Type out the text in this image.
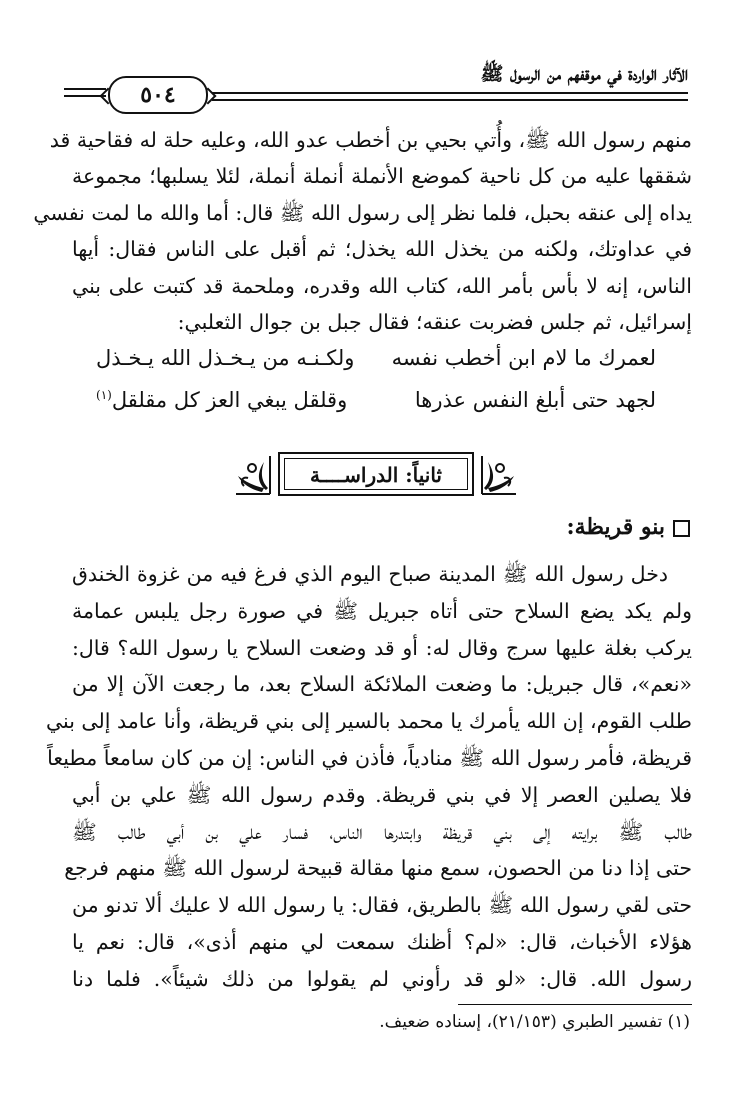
٥٠٤
الآثار الواردة في موقفهم من الرسول ﷺ
منهم رسول الله ﷺ، وأُتي بحيي بن أخطب عدو الله، وعليه حلة له فقاحية قد
شققها عليه من كل ناحية كموضع الأنملة أنملة أنملة، لئلا يسلبها؛ مجموعة
يداه إلى عنقه بحبل، فلما نظر إلى رسول الله ﷺ قال: أما والله ما لمت نفسي
في عداوتك، ولكنه من يخذل الله يخذل؛ ثم أقبل على الناس فقال: أيها
الناس، إنه لا بأس بأمر الله، كتاب الله وقدره، وملحمة قد كتبت على بني
إسرائيل، ثم جلس فضربت عنقه؛ فقال جبل بن جوال الثعلبي:
لعمرك ما لام ابن أخطب نفسه
ولكـنـه من يـخـذل الله يـخـذل
لجهد حتى أبلغ النفس عذرها
وقلقل يبغي العز كل مقلقل$^{(١)}$
ثانياً: الدراســــة
بنو قريظة:
دخل رسول الله ﷺ المدينة صباح اليوم الذي فرغ فيه من غزوة الخندق
ولم يكد يضع السلاح حتى أتاه جبريل ﷺ في صورة رجل يلبس عمامة
يركب بغلة عليها سرج وقال له: أو قد وضعت السلاح يا رسول الله؟ قال:
«نعم»، قال جبريل: ما وضعت الملائكة السلاح بعد، ما رجعت الآن إلا من
طلب القوم، إن الله يأمرك يا محمد بالسير إلى بني قريظة، وأنا عامد إلى بني
قريظة، فأمر رسول الله ﷺ منادياً، فأذن في الناس: إن من كان سامعاً مطيعاً
فلا يصلين العصر إلا في بني قريظة. وقدم رسول الله ﷺ علي بن أبي
طالب ﷺ برايته إلى بني قريظة وابتدرها الناس، فسار علي بن أبي طالب ﷺ
حتى إذا دنا من الحصون، سمع منها مقالة قبيحة لرسول الله ﷺ منهم فرجع
حتى لقي رسول الله ﷺ بالطريق، فقال: يا رسول الله لا عليك ألا تدنو من
هؤلاء الأخباث، قال: «لم؟ أظنك سمعت لي منهم أذى»، قال: نعم يا
رسول الله. قال: «لو قد رأوني لم يقولوا من ذلك شيئاً». فلما دنا
(١) تفسير الطبري (٢١/١٥٣)، إسناده ضعيف.
